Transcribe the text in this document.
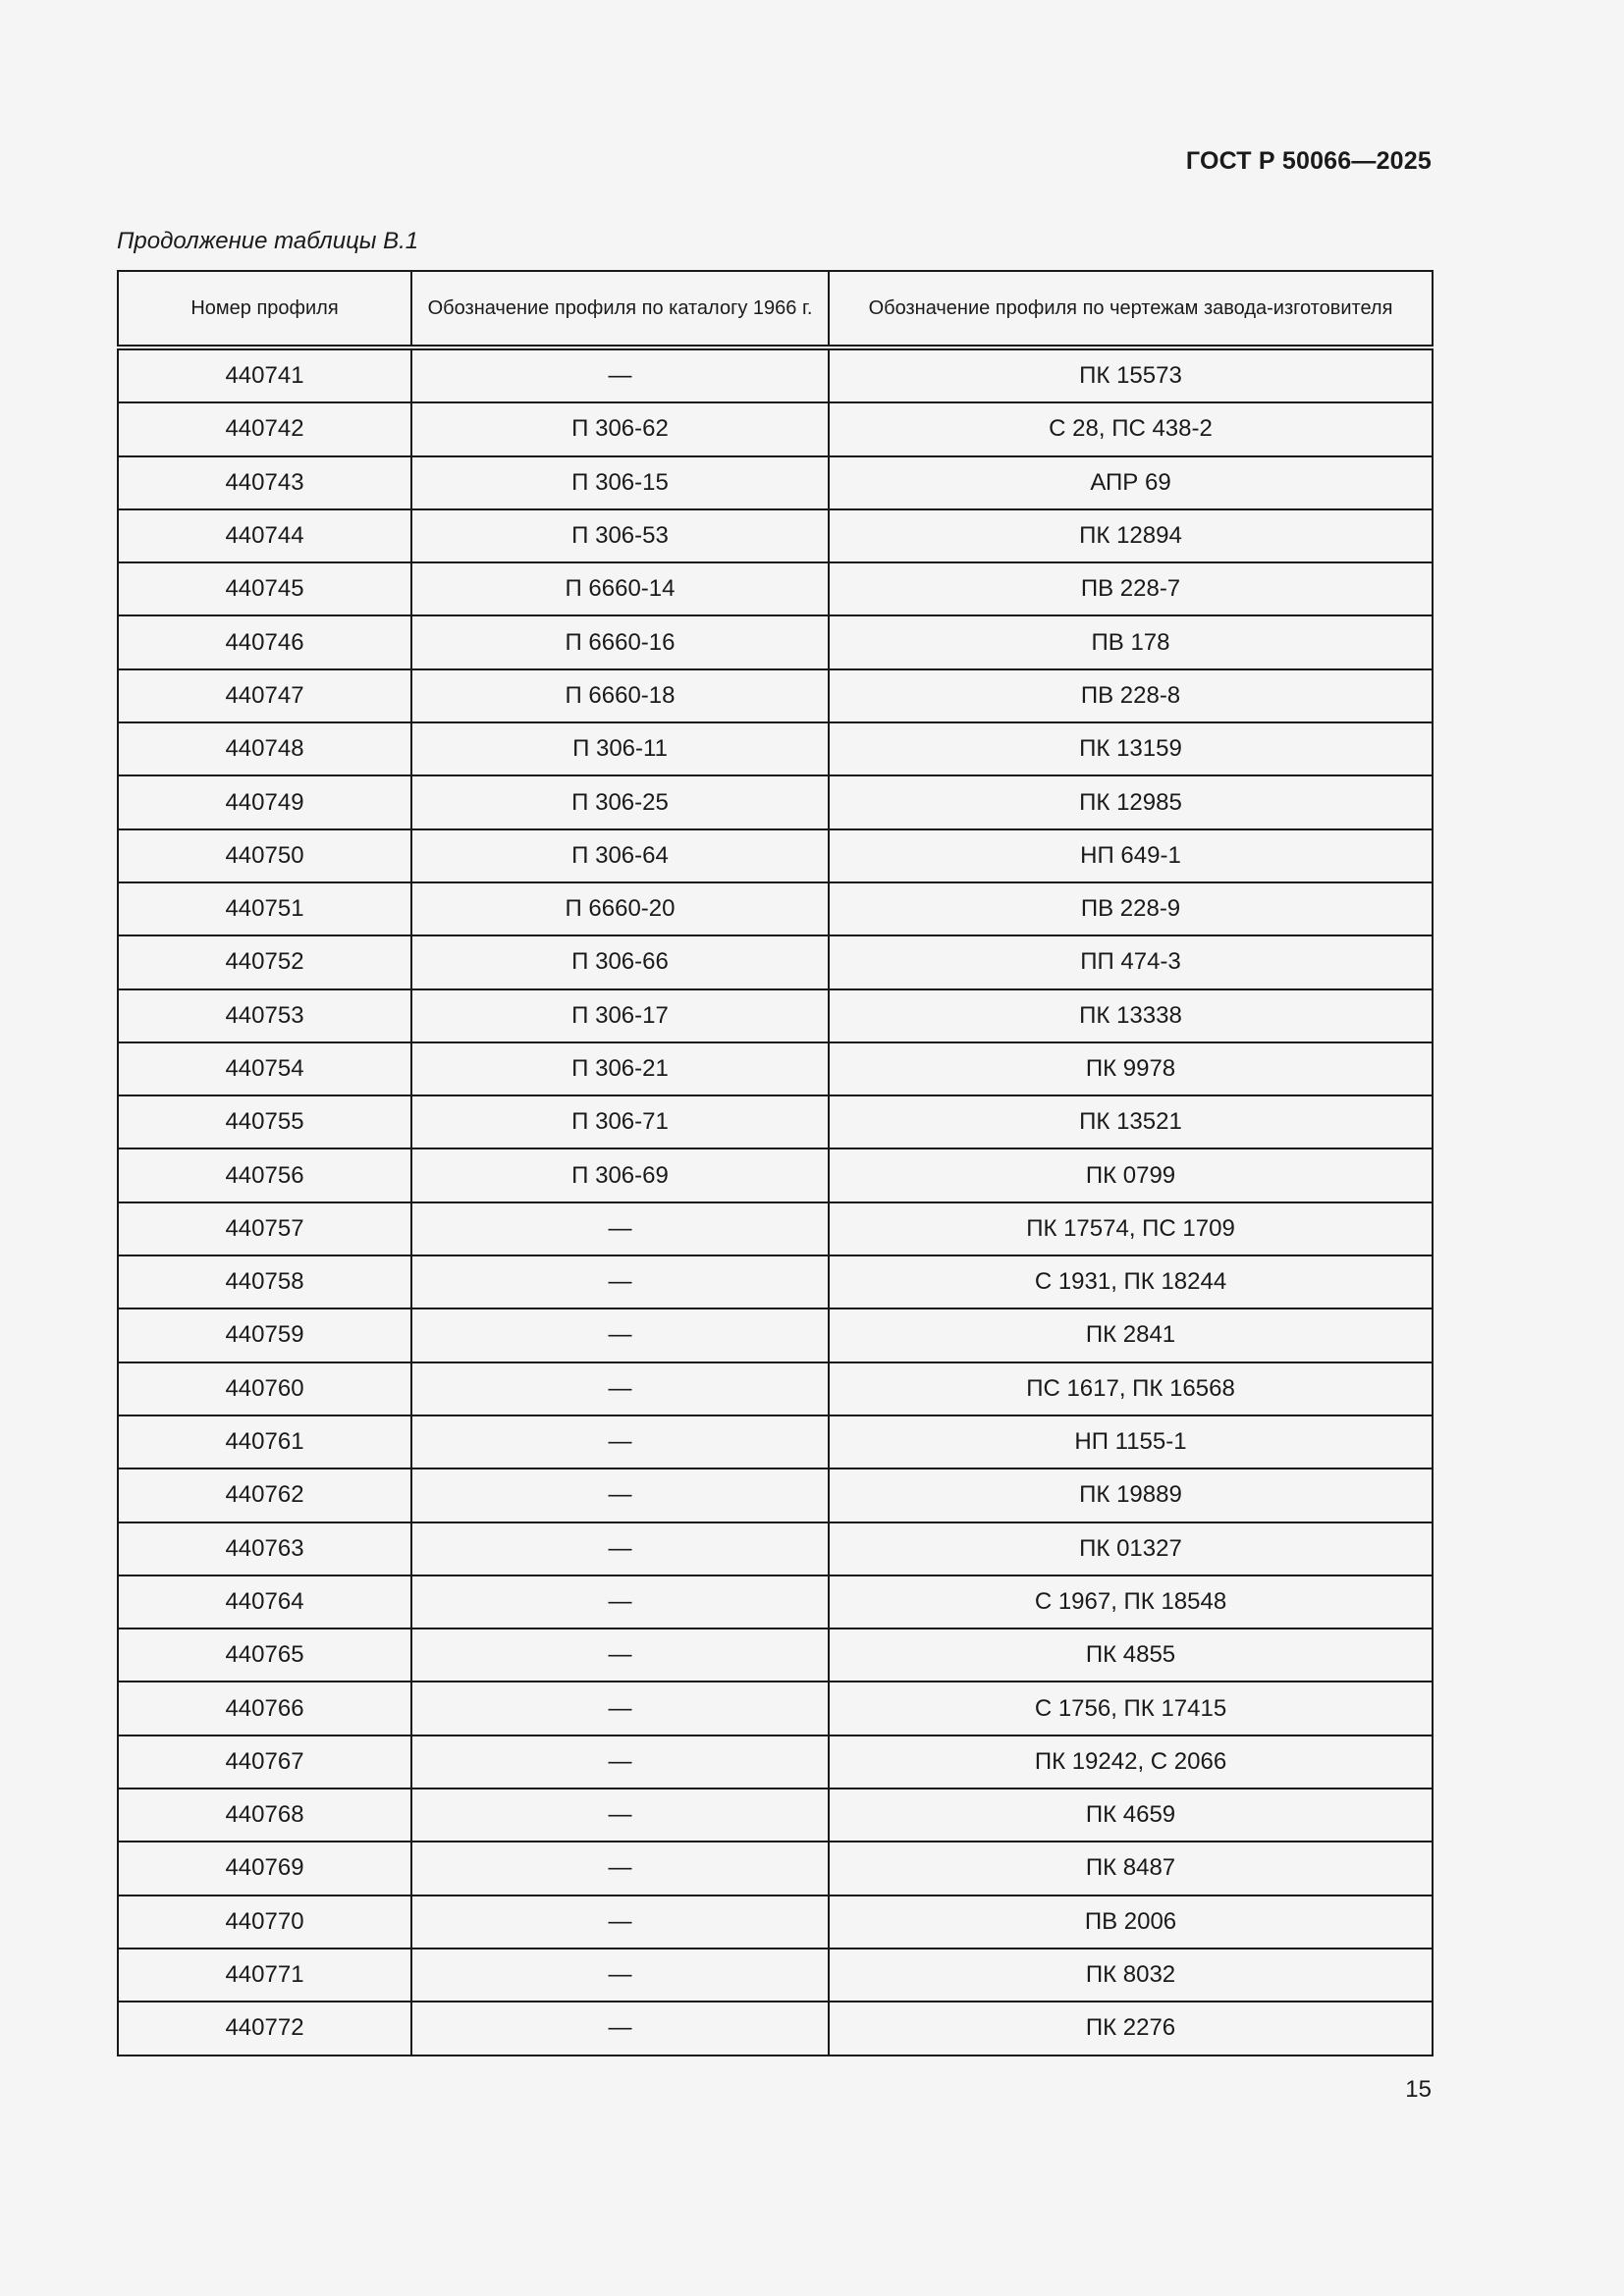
ГОСТ Р 50066—2025
Продолжение таблицы В.1
Номер профиля	Обозначение профиля по каталогу 1966 г.	Обозначение профиля по чертежам завода-изготовителя
440741	—	ПК 15573
440742	П 306-62	С 28, ПС 438-2
440743	П 306-15	АПР 69
440744	П 306-53	ПК 12894
440745	П 6660-14	ПВ 228-7
440746	П 6660-16	ПВ 178
440747	П 6660-18	ПВ 228-8
440748	П 306-11	ПК 13159
440749	П 306-25	ПК 12985
440750	П 306-64	НП 649-1
440751	П 6660-20	ПВ 228-9
440752	П 306-66	ПП 474-3
440753	П 306-17	ПК 13338
440754	П 306-21	ПК 9978
440755	П 306-71	ПК 13521
440756	П 306-69	ПК 0799
440757	—	ПК 17574, ПС 1709
440758	—	С 1931, ПК 18244
440759	—	ПК 2841
440760	—	ПС 1617, ПК 16568
440761	—	НП 1155-1
440762	—	ПК 19889
440763	—	ПК 01327
440764	—	С 1967, ПК 18548
440765	—	ПК 4855
440766	—	С 1756, ПК 17415
440767	—	ПК 19242, С 2066
440768	—	ПК 4659
440769	—	ПК 8487
440770	—	ПВ 2006
440771	—	ПК 8032
440772	—	ПК 2276
15
